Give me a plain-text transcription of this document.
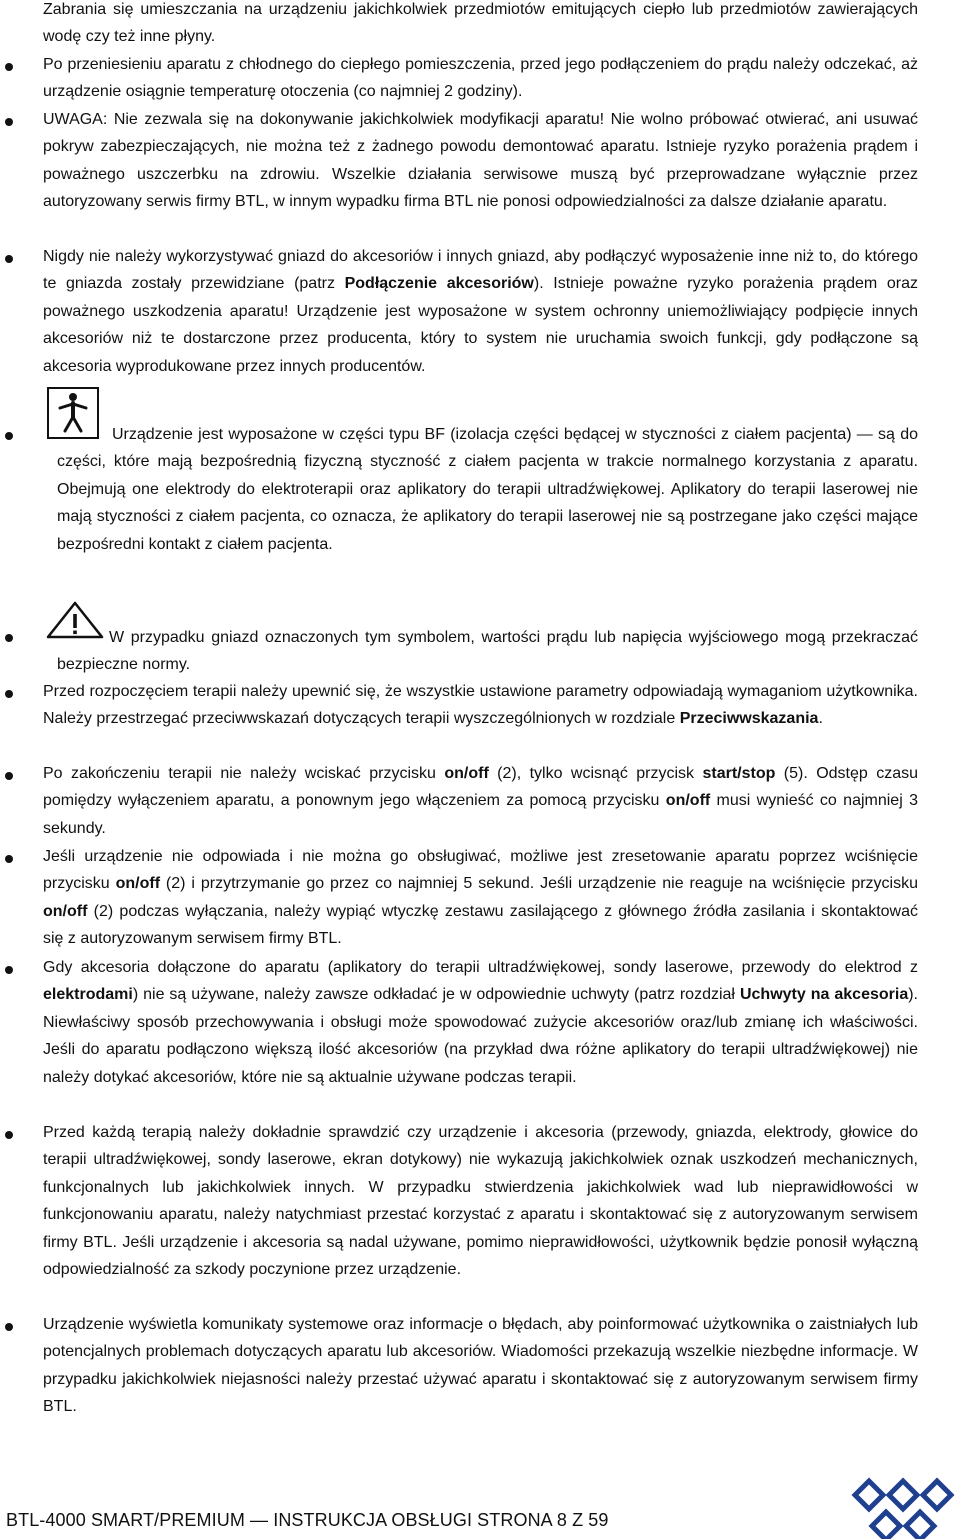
Zabrania się umieszczania na urządzeniu jakichkolwiek przedmiotów emitujących ciepło lub przedmiotów zawierających wodę czy też inne płyny.

Po przeniesieniu aparatu z chłodnego do ciepłego pomieszczenia, przed jego podłączeniem do prądu należy odczekać, aż urządzenie osiągnie temperaturę otoczenia (co najmniej 2 godziny).

UWAGA: Nie zezwala się na dokonywanie jakichkolwiek modyfikacji aparatu! Nie wolno próbować otwierać, ani usuwać pokryw zabezpieczających, nie można też z żadnego powodu demontować aparatu. Istnieje ryzyko porażenia prądem i poważnego uszczerbku na zdrowiu. Wszelkie działania serwisowe muszą być przeprowadzane wyłącznie przez autoryzowany serwis firmy BTL, w innym wypadku firma BTL nie ponosi odpowiedzialności za dalsze działanie aparatu.

Nigdy nie należy wykorzystywać gniazd do akcesoriów i innych gniazd, aby podłączyć wyposażenie inne niż to, do którego te gniazda zostały przewidziane (patrz Podłączenie akcesoriów). Istnieje poważne ryzyko porażenia prądem oraz poważnego uszkodzenia aparatu! Urządzenie jest wyposażone w system ochronny uniemożliwiający podpięcie innych akcesoriów niż te dostarczone przez producenta, który to system nie uruchamia swoich funkcji, gdy podłączone są akcesoria wyprodukowane przez innych producentów.

Urządzenie jest wyposażone w części typu BF (izolacja części będącej w styczności z ciałem pacjenta) — są do części, które mają bezpośrednią fizyczną styczność z ciałem pacjenta w trakcie normalnego korzystania z aparatu. Obejmują one elektrody do elektroterapii oraz aplikatory do terapii ultradźwiękowej. Aplikatory do terapii laserowej nie mają styczności z ciałem pacjenta, co oznacza, że aplikatory do terapii laserowej nie są postrzegane jako części mające bezpośredni kontakt z ciałem pacjenta.

W przypadku gniazd oznaczonych tym symbolem, wartości prądu lub napięcia wyjściowego mogą przekraczać bezpieczne normy.

Przed rozpoczęciem terapii należy upewnić się, że wszystkie ustawione parametry odpowiadają wymaganiom użytkownika. Należy przestrzegać przeciwwskazań dotyczących terapii wyszczególnionych w rozdziale Przeciwwskazania.

Po zakończeniu terapii nie należy wciskać przycisku on/off (2), tylko wcisnąć przycisk start/stop (5). Odstęp czasu pomiędzy wyłączeniem aparatu, a ponownym jego włączeniem za pomocą przycisku on/off musi wynieść co najmniej 3 sekundy.

Jeśli urządzenie nie odpowiada i nie można go obsługiwać, możliwe jest zresetowanie aparatu poprzez wciśnięcie przycisku on/off (2) i przytrzymanie go przez co najmniej 5 sekund. Jeśli urządzenie nie reaguje na wciśnięcie przycisku on/off (2) podczas wyłączania, należy wypiąć wtyczkę zestawu zasilającego z głównego źródła zasilania i skontaktować się z autoryzowanym serwisem firmy BTL.

Gdy akcesoria dołączone do aparatu (aplikatory do terapii ultradźwiękowej, sondy laserowe, przewody do elektrod z elektrodami) nie są używane, należy zawsze odkładać je w odpowiednie uchwyty (patrz rozdział Uchwyty na akcesoria). Niewłaściwy sposób przechowywania i obsługi może spowodować zużycie akcesoriów oraz/lub zmianę ich właściwości. Jeśli do aparatu podłączono większą ilość akcesoriów (na przykład dwa różne aplikatory do terapii ultradźwiękowej) nie należy dotykać akcesoriów, które nie są aktualnie używane podczas terapii.

Przed każdą terapią należy dokładnie sprawdzić czy urządzenie i akcesoria (przewody, gniazda, elektrody, głowice do terapii ultradźwiękowej, sondy laserowe, ekran dotykowy) nie wykazują jakichkolwiek oznak uszkodzeń mechanicznych, funkcjonalnych lub jakichkolwiek innych. W przypadku stwierdzenia jakichkolwiek wad lub nieprawidłowości w funkcjonowaniu aparatu, należy natychmiast przestać korzystać z aparatu i skontaktować się z autoryzowanym serwisem firmy BTL. Jeśli urządzenie i akcesoria są nadal używane, pomimo nieprawidłowości, użytkownik będzie ponosił wyłączną odpowiedzialność za szkody poczynione przez urządzenie.

Urządzenie wyświetla komunikaty systemowe oraz informacje o błędach, aby poinformować użytkownika o zaistniałych lub potencjalnych problemach dotyczących aparatu lub akcesoriów. Wiadomości przekazują wszelkie niezbędne informacje. W przypadku jakichkolwiek niejasności należy przestać używać aparatu i skontaktować się z autoryzowanym serwisem firmy BTL.

BTL-4000 SMART/PREMIUM — INSTRUKCJA OBSŁUGI STRONA 8 Z 59
